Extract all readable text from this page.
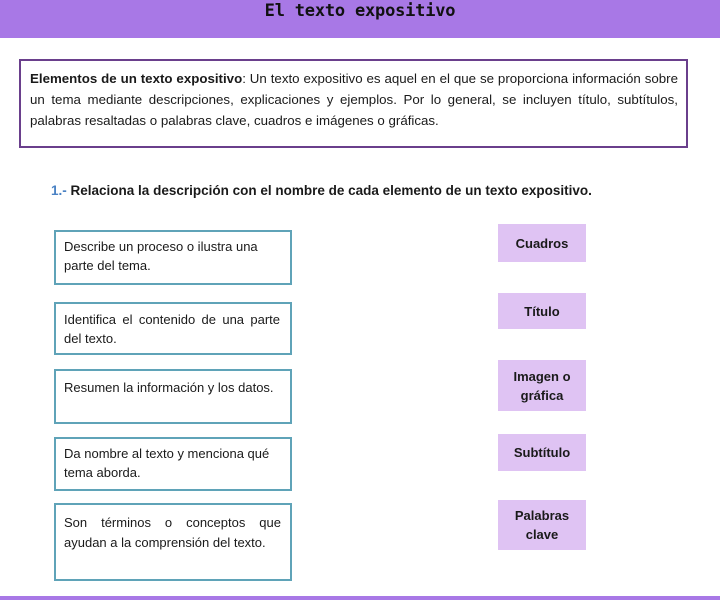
El texto expositivo
Elementos de un texto expositivo: Un texto expositivo es aquel en el que se proporciona información sobre un tema mediante descripciones, explicaciones y ejemplos. Por lo general, se incluyen título, subtítulos, palabras resaltadas o palabras clave, cuadros e imágenes o gráficas.
1.- Relaciona la descripción con el nombre de cada elemento de un texto expositivo.
Describe un proceso o ilustra una parte del tema.
Identifica el contenido de una parte del texto.
Resumen la información y los datos.
Da nombre al texto y menciona qué tema aborda.
Son términos o conceptos que ayudan a la comprensión del texto.
Cuadros
Título
Imagen o gráfica
Subtítulo
Palabras clave
